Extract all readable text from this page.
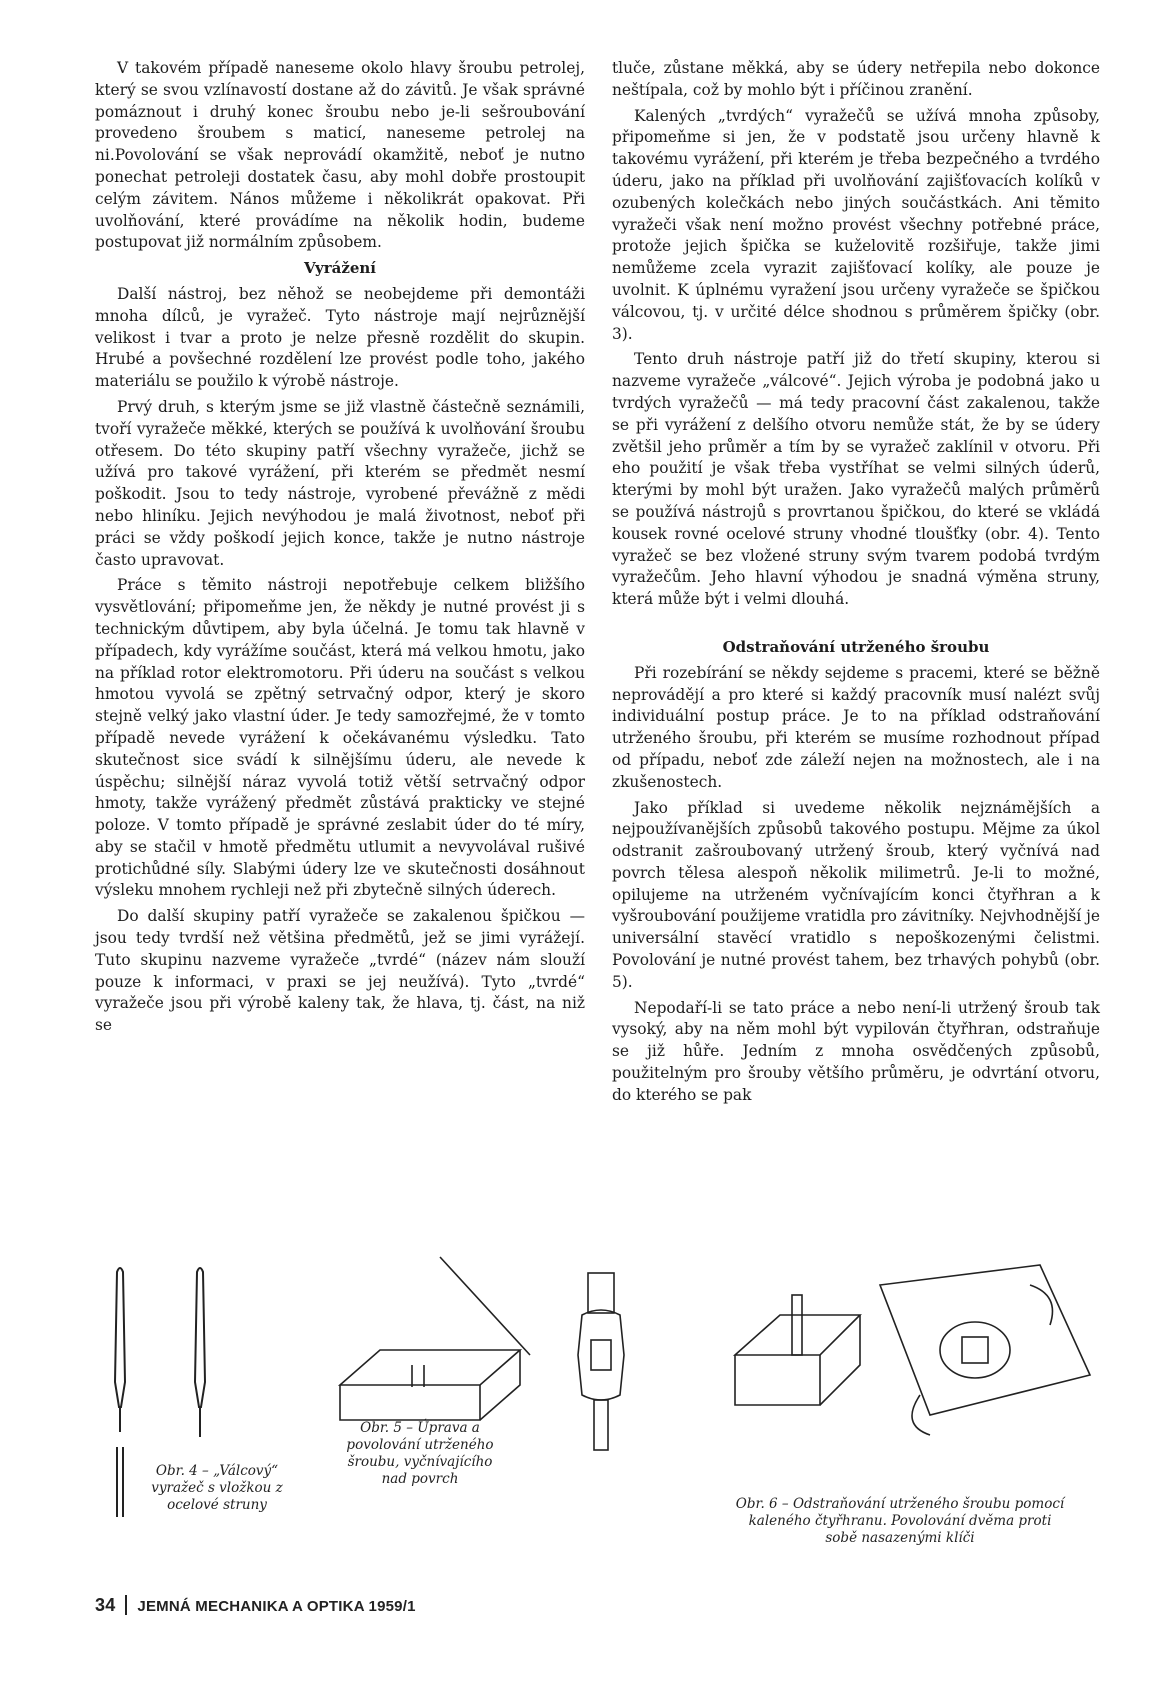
V takovém případě naneseme okolo hlavy šroubu petrolej, který se svou vzlínavostí dostane až do závitů. Je však správné pomáznout i druhý konec šroubu nebo je-li sešroubování provedeno šroubem s maticí, naneseme petrolej na ni.Povolování se však neprovádí okamžitě, neboť je nutno ponechat petroleji dostatek času, aby mohl dobře prostoupit celým závitem. Nános můžeme i několikrát opakovat. Při uvolňování, které provádíme na několik hodin, budeme postupovat již normálním způsobem.

Vyrážení

Další nástroj, bez něhož se neobejdeme při demontáži mnoha dílců, je vyražeč. Tyto nástroje mají nejrůznější velikost i tvar a proto je nelze přesně rozdělit do skupin. Hrubé a povšechné rozdělení lze provést podle toho, jakého materiálu se použilo k výrobě nástroje.

Prvý druh, s kterým jsme se již vlastně částečně seznámili, tvoří vyražeče měkké, kterých se používá k uvolňování šroubu otřesem. Do této skupiny patří všechny vyražeče, jichž se užívá pro takové vyrážení, při kterém se předmět nesmí poškodit. Jsou to tedy nástroje, vyrobené převážně z mědi nebo hliníku. Jejich nevýhodou je malá životnost, neboť při práci se vždy poškodí jejich konce, takže je nutno nástroje často upravovat.

Práce s těmito nástroji nepotřebuje celkem bližšího vysvětlování; připomeňme jen, že někdy je nutné provést ji s technickým důvtipem, aby byla účelná. Je tomu tak hlavně v případech, kdy vyrážíme součást, která má velkou hmotu, jako na příklad rotor elektromotoru. Při úderu na součást s velkou hmotou vyvolá se zpětný setrvačný odpor, který je skoro stejně velký jako vlastní úder. Je tedy samozřejmé, že v tomto případě nevede vyrážení k očekávanému výsledku. Tato skutečnost sice svádí k silnějšímu úderu, ale nevede k úspěchu; silnější náraz vyvolá totiž větší setrvačný odpor hmoty, takže vyrážený předmět zůstává prakticky ve stejné poloze. V tomto případě je správné zeslabit úder do té míry, aby se stačil v hmotě předmětu utlumit a nevyvolával rušivé protichůdné síly. Slabými údery lze ve skutečnosti dosáhnout výsleku mnohem rychleji než při zbytečně silných úderech.

Do další skupiny patří vyražeče se zakalenou špičkou — jsou tedy tvrdší než většina předmětů, jež se jimi vyrážejí. Tuto skupinu nazveme vyražeče „tvrdé“ (název nám slouží pouze k informaci, v praxi se jej neužívá). Tyto „tvrdé“ vyražeče jsou při výrobě kaleny tak, že hlava, tj. část, na niž se

tluče, zůstane měkká, aby se údery netřepila nebo dokonce neštípala, což by mohlo být i příčinou zranění.

Kalených „tvrdých“ vyražečů se užívá mnoha způsoby, připomeňme si jen, že v podstatě jsou určeny hlavně k takovému vyrážení, při kterém je třeba bezpečného a tvrdého úderu, jako na příklad při uvolňování zajišťovacích kolíků v ozubených kolečkách nebo jiných součástkách. Ani těmito vyražeči však není možno provést všechny potřebné práce, protože jejich špička se kuželovitě rozšiřuje, takže jimi nemůžeme zcela vyrazit zajišťovací kolíky, ale pouze je uvolnit. K úplnému vyražení jsou určeny vyražeče se špičkou válcovou, tj. v určité délce shodnou s průměrem špičky (obr. 3).

Tento druh nástroje patří již do třetí skupiny, kterou si nazveme vyražeče „válcové“. Jejich výroba je podobná jako u tvrdých vyražečů — má tedy pracovní část zakalenou, takže se při vyrážení z delšího otvoru nemůže stát, že by se údery zvětšil jeho průměr a tím by se vyražeč zaklínil v otvoru. Při eho použití je však třeba vystříhat se velmi silných úderů, kterými by mohl být uražen. Jako vyražečů malých průměrů se používá nástrojů s provrtanou špičkou, do které se vkládá kousek rovné ocelové struny vhodné tloušťky (obr. 4). Tento vyražeč se bez vložené struny svým tvarem podobá tvrdým vyražečům. Jeho hlavní výhodou je snadná výměna struny, která může být i velmi dlouhá.

Odstraňování utrženého šroubu

Při rozebírání se někdy sejdeme s pracemi, které se běžně neprovádějí a pro které si každý pracovník musí nalézt svůj individuální postup práce. Je to na příklad odstraňování utrženého šroubu, při kterém se musíme rozhodnout případ od případu, neboť zde záleží nejen na možnostech, ale i na zkušenostech.

Jako příklad si uvedeme několik nejznámějších a nejpoužívanějších způsobů takového postupu. Mějme za úkol odstranit zašroubovaný utržený šroub, který vyčnívá nad povrch tělesa alespoň několik milimetrů. Je-li to možné, opilujeme na utrženém vyčnívajícím konci čtyřhran a k vyšroubování použijeme vratidla pro závitníky. Nejvhodnější je universální stavěcí vratidlo s nepoškozenými čelistmi. Povolování je nutné provést tahem, bez trhavých pohybů (obr. 5).

Nepodaří-li se tato práce a nebo není-li utržený šroub tak vysoký, aby na něm mohl být vypilován čtyřhran, odstraňuje se již hůře. Jedním z mnoha osvědčených způsobů, použitelným pro šrouby většího průměru, je odvrtání otvoru, do kterého se pak

Obr. 4 – „Válcový“ vyražeč s vložkou z ocelové struny
Obr. 5 – Úprava a povolování utrženého šroubu, vyčnívajícího nad povrch
Obr. 6 – Odstraňování utrženého šroubu pomocí kaleného čtyřhranu. Povolování dvěma proti sobě nasazenými klíči
34 JEMNÁ MECHANIKA A OPTIKA 1959/1
